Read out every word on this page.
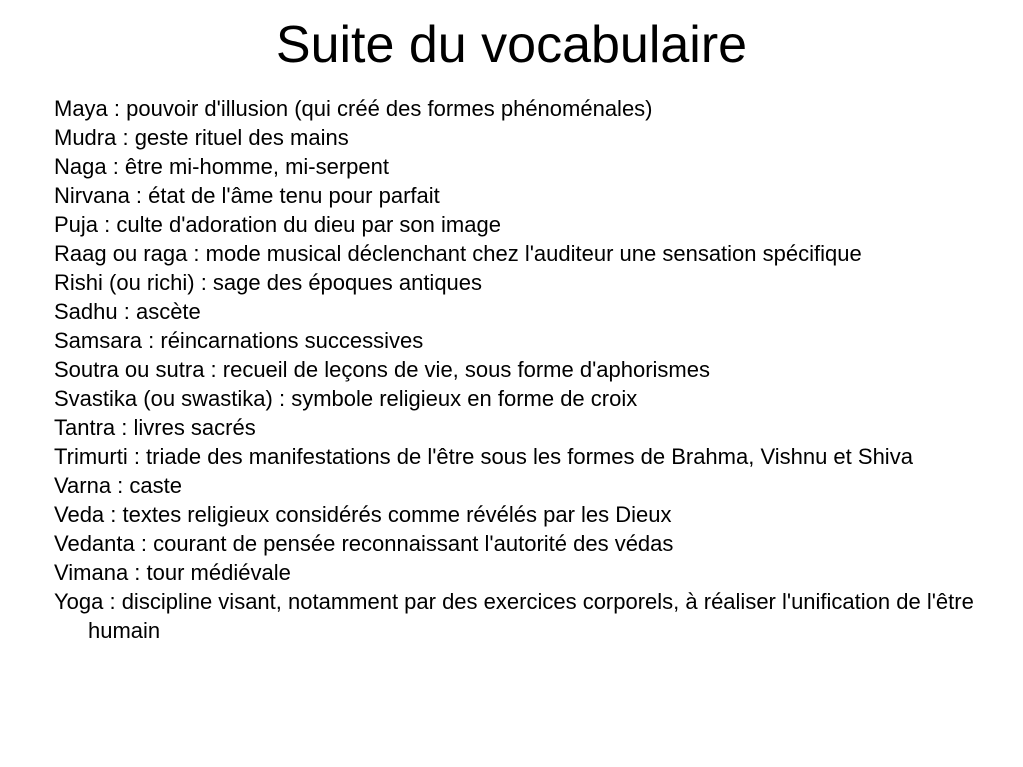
Suite du vocabulaire
Maya : pouvoir d'illusion (qui créé des formes phénoménales)
Mudra : geste rituel des mains
Naga : être mi-homme, mi-serpent
Nirvana : état de l'âme tenu pour parfait
Puja : culte d'adoration du dieu par son image
Raag ou raga : mode musical déclenchant chez l'auditeur une sensation spécifique
Rishi (ou richi) : sage des époques antiques
Sadhu : ascète
Samsara : réincarnations successives
Soutra ou sutra : recueil de leçons de vie, sous forme d'aphorismes
Svastika (ou swastika) : symbole religieux en forme de croix
Tantra : livres sacrés
Trimurti : triade des manifestations de l'être sous les formes de Brahma, Vishnu et Shiva
Varna : caste
Veda : textes religieux considérés comme révélés par les Dieux
Vedanta : courant de pensée reconnaissant l'autorité des védas
Vimana : tour médiévale
Yoga : discipline visant, notamment par des exercices corporels, à réaliser l'unification de l'être humain
